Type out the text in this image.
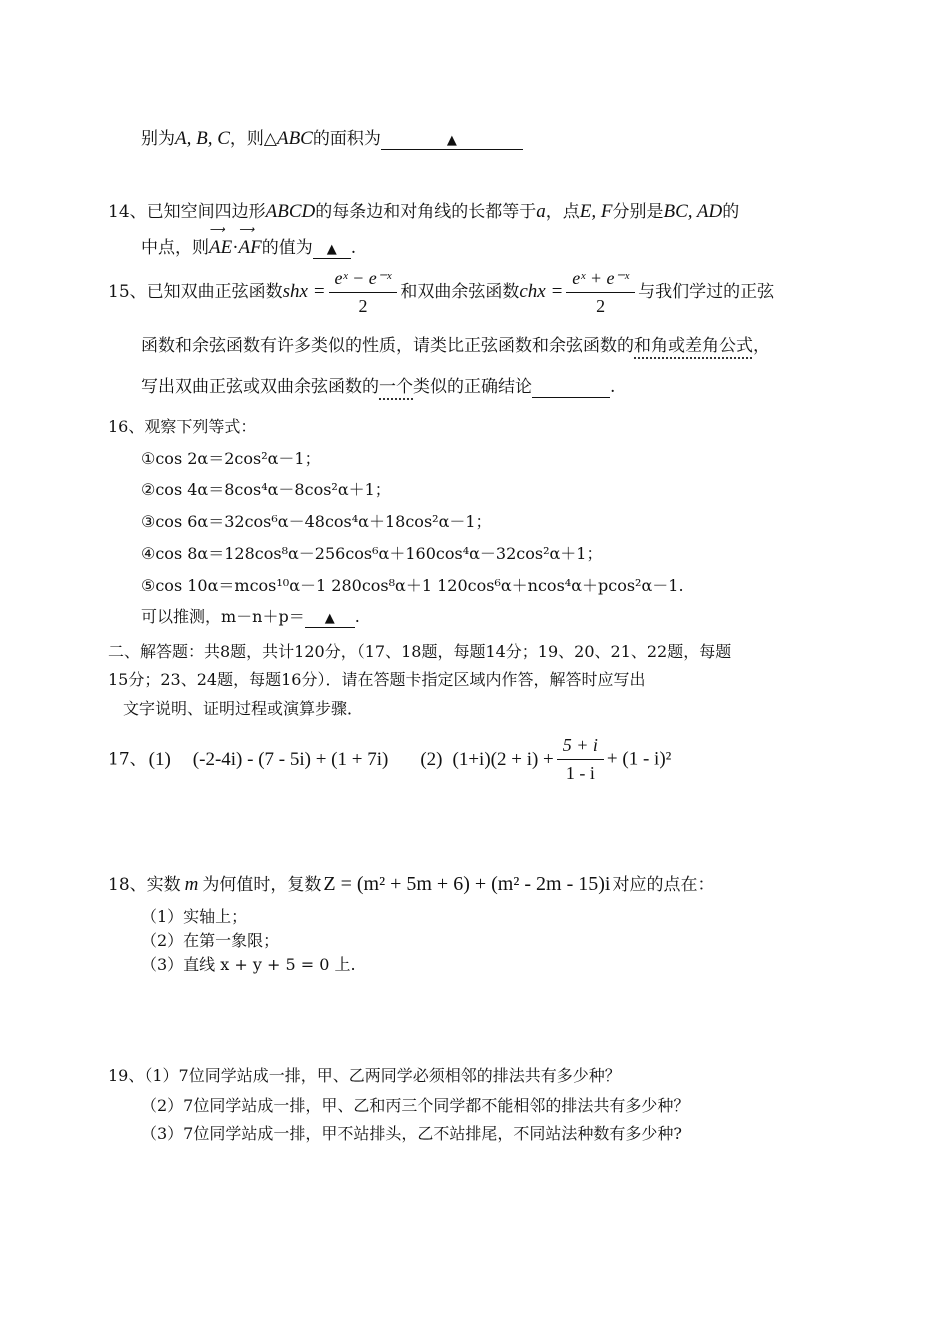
别为A, B, C，则△ABC的面积为	▲
14、已知空间四边形ABCD的每条边和对角线的长都等于a，点E, F分别是BC, AD的
中点，则
⟶
AE·
⟶
AF的值为 ▲ .
15、已知双曲正弦函数shx = $\frac{\text{eˣ − e⁻ˣ}}{2}$ 和双曲余弦函数chx = $\frac{\text{eˣ + e⁻ˣ}}{2}$ 与我们学过的正弦
函数和余弦函数有许多类似的性质，请类比正弦函数和余弦函数的和角或差角公式，
写出双曲正弦或双曲余弦函数的一个类似的正确结论	.
16、观察下列等式：
①cos 2α＝2cos²α－1；
②cos 4α＝8cos⁴α－8cos²α＋1；
③cos 6α＝32cos⁶α－48cos⁴α＋18cos²α－1；
④cos 8α＝128cos⁸α－256cos⁶α＋160cos⁴α－32cos²α＋1；
⑤cos 10α＝mcos¹⁰α－1 280cos⁸α＋1 120cos⁶α＋ncos⁴α＋pcos²α－1.
可以推测，m－n＋p＝ ▲ .
二、解答题：共8题，共计120分，（17、18题，每题14分；19、20、21、22题，每题
15分；23、24题，每题16分）．请在答题卡指定区域内作答，解答时应写出
文字说明、证明过程或演算步骤．
17、 (1) (-2-4i) - (7 - 5i) + (1 + 7i) (2) $(1+i)(2 + i) + \frac{5 + i}{1 - i} + (1 - i)^2$
18、实数 m 为何值时，复数 Z = (m² + 5m + 6) + (m² - 2m - 15)i 对应的点在：
（1）实轴上；
（2）在第一象限；
（3）直线 x + y + 5 = 0 上.
19、（1）7位同学站成一排，甲、乙两同学必须相邻的排法共有多少种？
（2）7位同学站成一排，甲、乙和丙三个同学都不能相邻的排法共有多少种？
（3）7位同学站成一排，甲不站排头，乙不站排尾，不同站法种数有多少种?
